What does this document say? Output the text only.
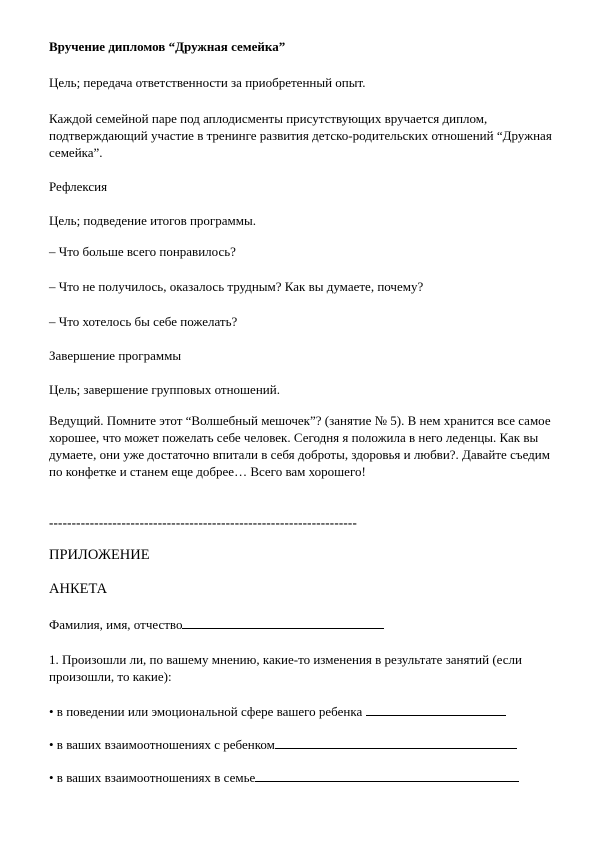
Вручение дипломов “Дружная семейка”

Цель; передача ответственности за приобретенный опыт.

Каждой семейной паре под аплодисменты присутствующих вручается диплом, подтверждающий участие в тренинге развития детско-родительских отношений “Дружная семейка”.

Рефлексия

Цель; подведение итогов программы.

– Что больше всего понравилось?

– Что не получилось, оказалось трудным? Как вы думаете, почему?

– Что хотелось бы себе пожелать?

Завершение программы

Цель; завершение групповых отношений.

Ведущий. Помните этот “Волшебный мешочек”? (занятие № 5). В нем хранится все самое хорошее, что может пожелать себе человек. Сегодня я положила в него леденцы. Как вы думаете, они уже достаточно впитали в себя доброты, здоровья и любви?. Давайте съедим по конфетке и станем еще добрее… Всего вам хорошего!

--------------------------------------------------------------------

ПРИЛОЖЕНИЕ

АНКЕТА

Фамилия, имя, отчество

1. Произошли ли, по вашему мнению, какие-то изменения в результате занятий (если произошли, то какие):

• в поведении или эмоциональной сфере вашего ребенка

• в ваших взаимоотношениях с ребенком

• в ваших взаимоотношениях в семье
